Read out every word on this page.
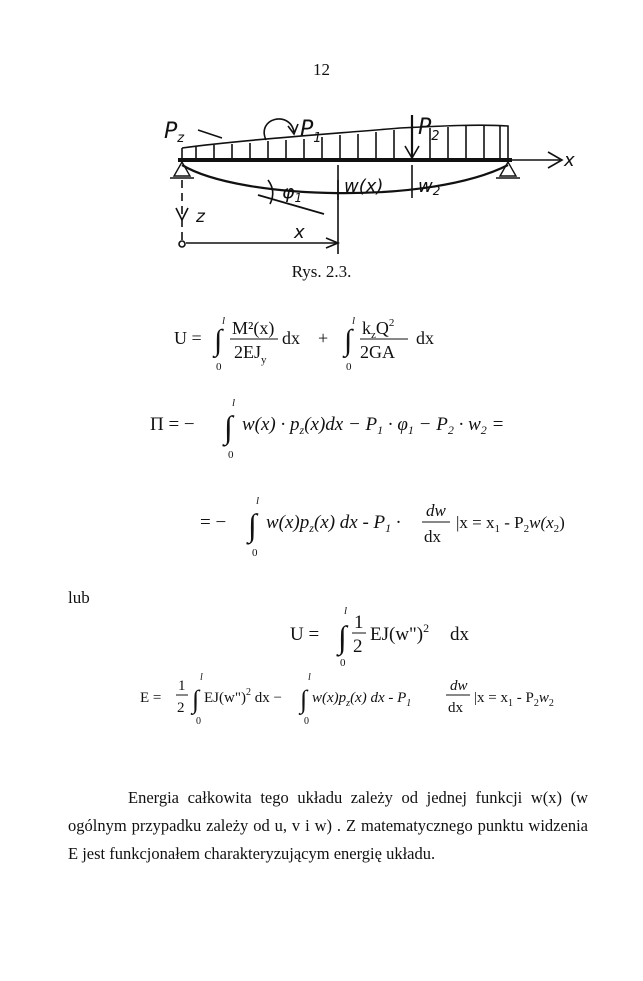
12
Pz	$P_1$	$P_2$
$\varphi_1$
w(x) w2
x
z
x
Rys. 2.3.
U = ∫
l
0
M²(x)
$2EJ_y$
dx + ∫
l
0
$k_zQ^2$
2GA
dx
Π = − ∫
l
0
$w(x) \cdot p_z(x)dx - P_1 \cdot \varphi_1 - P_2 \cdot w_2$ =
= − ∫
l
0
$w(x)p_z(x)$ dx - $P_1$ ·
dw
dx
$|x = x_1 - P_2w(x_2)$
lub
U = ∫
l
0
1
2
EJ(w")$^2$ dx
E =
1
2 ∫
l
0
EJ(w")$^2$ dx − ∫
l
0
$w(x)p_z(x)$ dx - $P_1$
dw
dx
$|x = x_1 - P_2w_2$
Energia całkowita tego układu zależy od jednej funkcji w(x) (w ogólnym przypadku zależy od u, v i w) . Z matematycznego punktu widzenia E jest funkcjonałem charakteryzującym energię układu.
